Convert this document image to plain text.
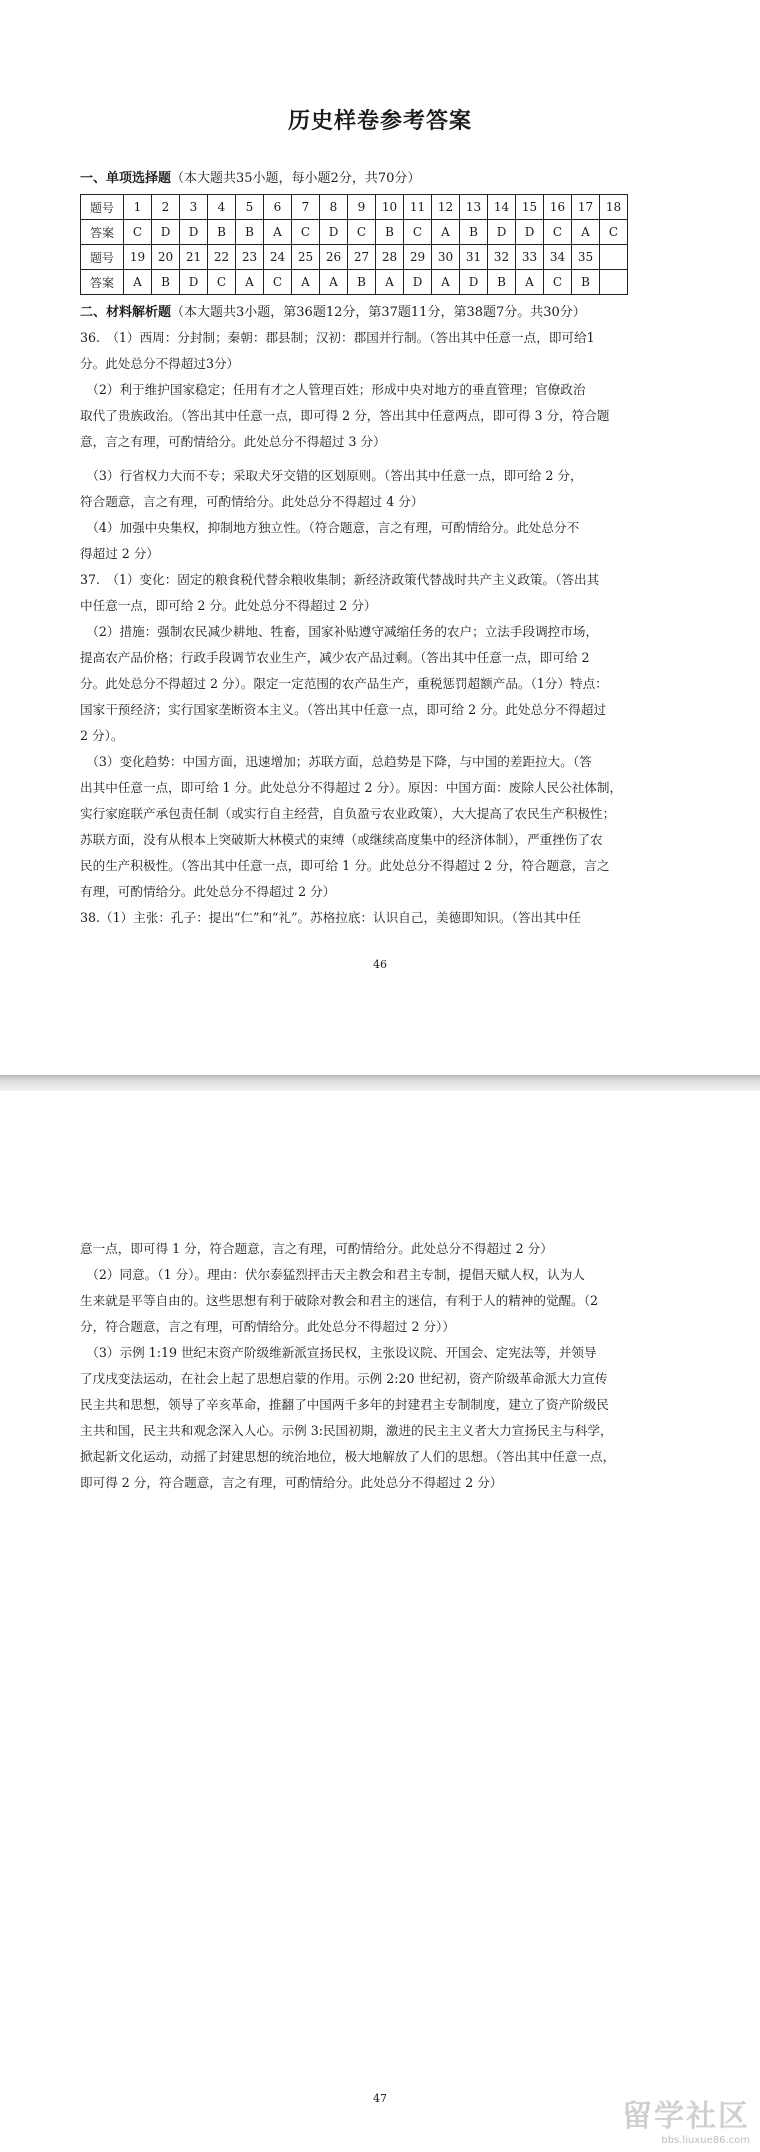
历史样卷参考答案
一、单项选择题（本大题共35小题，每小题2分，共70分）
题号	1	2	3	4	5	6	7	8	9	10	11	12	13	14	15	16	17	18
答案	C	D	D	B	B	A	C	D	C	B	C	A	B	D	D	C	A	C
题号	19	20	21	22	23	24	25	26	27	28	29	30	31	32	33	34	35	
答案	A	B	D	C	A	C	A	A	B	A	D	A	D	B	A	C	B	
二、材料解析题（本大题共3小题，第36题12分，第37题11分，第38题7分。共30分）

36.　（1）西周：分封制；秦朝：郡县制；汉初：郡国并行制。（答出其中任意一点，即可给1

分。此处总分不得超过3分）

　（2）利于维护国家稳定；任用有才之人管理百姓；形成中央对地方的垂直管理；官僚政治

取代了贵族政治。（答出其中任意一点，即可得 2 分，答出其中任意两点，即可得 3 分，符合题

意，言之有理，可酌情给分。此处总分不得超过 3 分）

　（3）行省权力大而不专；采取犬牙交错的区划原则。（答出其中任意一点，即可给 2 分，

符合题意，言之有理，可酌情给分。此处总分不得超过 4 分）

　（4）加强中央集权，抑制地方独立性。（符合题意，言之有理，可酌情给分。此处总分不

得超过 2 分）

37.　（1）变化：固定的粮食税代替余粮收集制；新经济政策代替战时共产主义政策。（答出其

中任意一点，即可给 2 分。此处总分不得超过 2 分）

　（2）措施：强制农民减少耕地、牲畜，国家补贴遵守减缩任务的农户；立法手段调控市场，

提高农产品价格；行政手段调节农业生产，减少农产品过剩。（答出其中任意一点，即可给 2

分。此处总分不得超过 2 分）。限定一定范围的农产品生产，重税惩罚超额产品。（1分）特点：

国家干预经济；实行国家垄断资本主义。（答出其中任意一点，即可给 2 分。此处总分不得超过

2 分）。

　（3）变化趋势：中国方面，迅速增加；苏联方面，总趋势是下降，与中国的差距拉大。（答

出其中任意一点，即可给 1 分。此处总分不得超过 2 分）。原因：中国方面：废除人民公社体制，

实行家庭联产承包责任制（或实行自主经营，自负盈亏农业政策），大大提高了农民生产积极性；

苏联方面，没有从根本上突破斯大林模式的束缚（或继续高度集中的经济体制），严重挫伤了农

民的生产积极性。（答出其中任意一点，即可给 1 分。此处总分不得超过 2 分，符合题意，言之

有理，可酌情给分。此处总分不得超过 2 分）

38.（1）主张：孔子：提出“仁”和“礼”。苏格拉底：认识自己，美德即知识。（答出其中任

46

意一点，即可得 1 分，符合题意，言之有理，可酌情给分。此处总分不得超过 2 分）

　（2）同意。（1 分）。理由：伏尔泰猛烈抨击天主教会和君主专制，提倡天赋人权，认为人

生来就是平等自由的。这些思想有利于破除对教会和君主的迷信，有利于人的精神的觉醒。（2

分，符合题意，言之有理，可酌情给分。此处总分不得超过 2 分））

　（3）示例 1:19 世纪末资产阶级维新派宣扬民权，主张设议院、开国会、定宪法等，并领导

了戊戌变法运动，在社会上起了思想启蒙的作用。示例 2:20 世纪初，资产阶级革命派大力宣传

民主共和思想，领导了辛亥革命，推翻了中国两千多年的封建君主专制制度，建立了资产阶级民

主共和国，民主共和观念深入人心。示例 3:民国初期，激进的民主主义者大力宣扬民主与科学，

掀起新文化运动，动摇了封建思想的统治地位，极大地解放了人们的思想。（答出其中任意一点，

即可得 2 分，符合题意，言之有理，可酌情给分。此处总分不得超过 2 分）

47
留学社区
bbs.liuxue86.com
